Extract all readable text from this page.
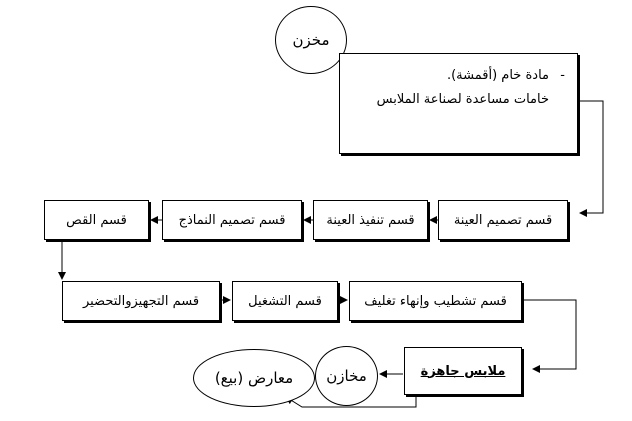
مخزن
-
مادة خام (أقمشة).
خامات مساعدة لصناعة الملابس
قسم تصميم العينة
قسم تنفيذ العينة
قسم تصميم النماذج
قسم القص
قسم التجهيزوالتحضير	قسم التشغيل	قسم تشطيب وإنهاء تغليف
ملابس جاهزة
مخازن
معارض (بيع)
